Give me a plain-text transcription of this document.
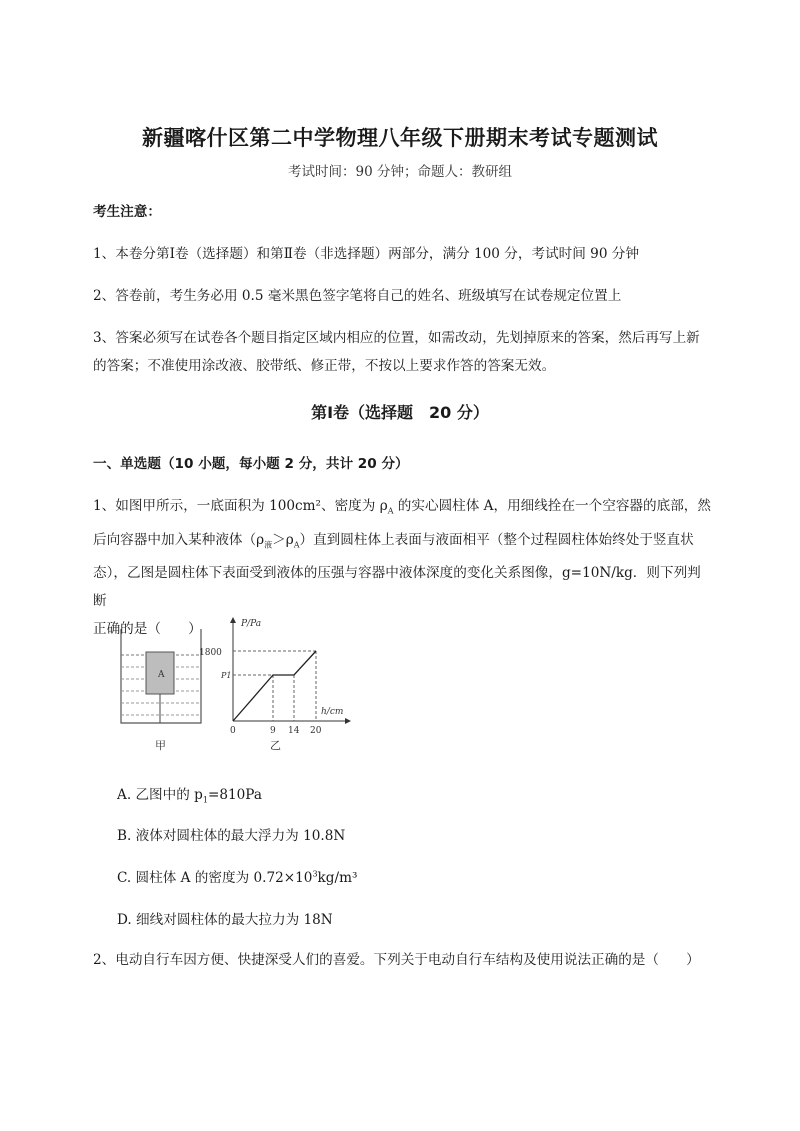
新疆喀什区第二中学物理八年级下册期末考试专题测试
考试时间：90 分钟；命题人：教研组
考生注意：
1、本卷分第Ⅰ卷（选择题）和第Ⅱ卷（非选择题）两部分，满分 100 分，考试时间 90 分钟
2、答卷前，考生务必用 0.5 毫米黑色签字笔将自己的姓名、班级填写在试卷规定位置上
3、答案必须写在试卷各个题目指定区域内相应的位置，如需改动，先划掉原来的答案，然后再写上新的答案；不准使用涂改液、胶带纸、修正带，不按以上要求作答的答案无效。
第Ⅰ卷（选择题　20 分）
一、单选题（10 小题，每小题 2 分，共计 20 分）
1、如图甲所示，一底面积为 100cm²、密度为 $\rho_A$ 的实心圆柱体 A，用细线拴在一个空容器的底部，然
后向容器中加入某种液体$(\rho_液>\rho_A)$直到圆柱体上表面与液面相平（整个过程圆柱体始终处于竖直状
态），乙图是圆柱体下表面受到液体的压强与容器中液体深度的变化关系图像，g=10N/kg．则下列判断
正确的是（　　）
A
甲
P/Pa
h/cm
1800
P1
0	9 14 20
乙
A. 乙图中的 $p_1=810Pa$
B. 液体对圆柱体的最大浮力为 10.8N
C. 圆柱体 A 的密度为 $0.72\times 10^3kg/m^3$
D. 细线对圆柱体的最大拉力为 18N
2、电动自行车因方便、快捷深受人们的喜爱。下列关于电动自行车结构及使用说法正确的是（　　）
